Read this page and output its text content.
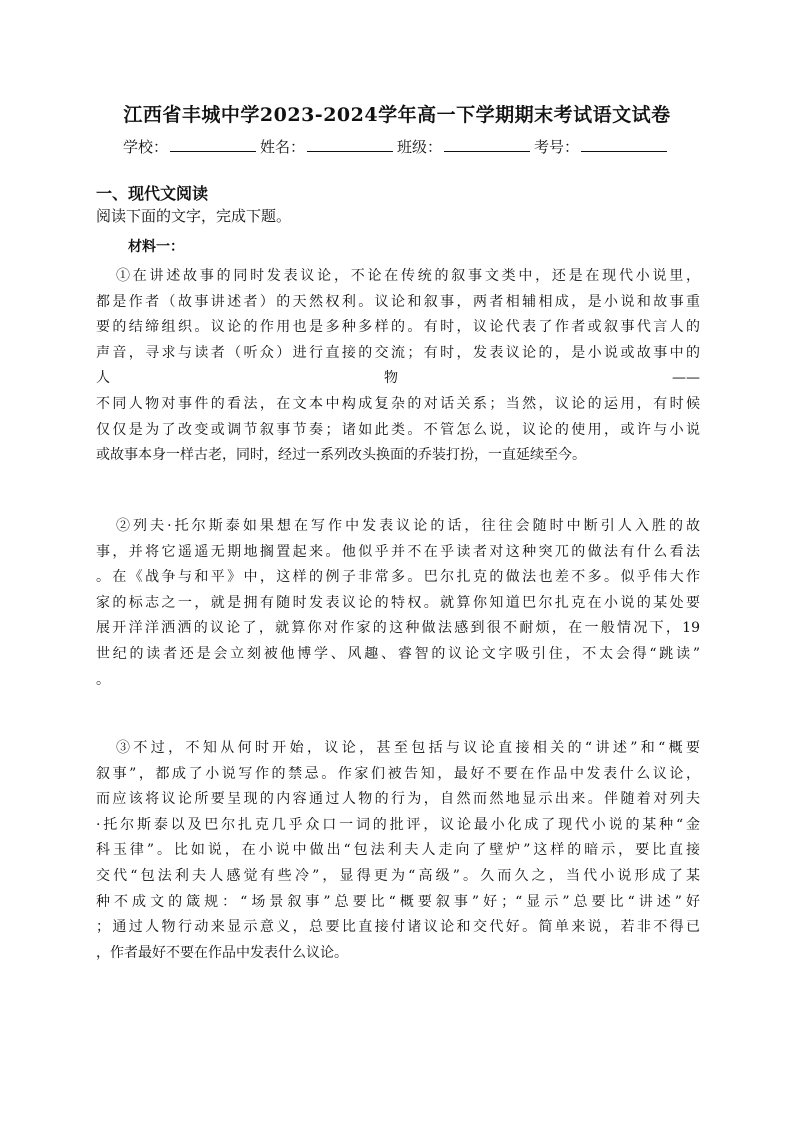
江西省丰城中学2023-2024学年高一下学期期末考试语文试卷
学校：	姓名：	班级：	考号：
一、现代文阅读
阅读下面的文字，完成下题。
材料一：
①在讲述故事的同时发表议论，不论在传统的叙事文类中，还是在现代小说里，
都是作者（故事讲述者）的天然权利。议论和叙事，两者相辅相成，是小说和故事重
要的结缔组织。议论的作用也是多种多样的。有时，议论代表了作者或叙事代言人的
声音，寻求与读者（听众）进行直接的交流；有时，发表议论的，是小说或故事中的
人	物	——
不同人物对事件的看法，在文本中构成复杂的对话关系；当然，议论的运用，有时候
仅仅是为了改变或调节叙事节奏；诸如此类。不管怎么说，议论的使用，或许与小说
或故事本身一样古老，同时，经过一系列改头换面的乔装打扮，一直延续至今。
②列夫·托尔斯泰如果想在写作中发表议论的话，往往会随时中断引人入胜的故
事，并将它遥遥无期地搁置起来。他似乎并不在乎读者对这种突兀的做法有什么看法
。在《战争与和平》中，这样的例子非常多。巴尔扎克的做法也差不多。似乎伟大作
家的标志之一，就是拥有随时发表议论的特权。就算你知道巴尔扎克在小说的某处要
展开洋洋洒洒的议论了，就算你对作家的这种做法感到很不耐烦，在一般情况下，19
世纪的读者还是会立刻被他博学、风趣、睿智的议论文字吸引住，不太会得“跳读”
。
③不过，不知从何时开始，议论，甚至包括与议论直接相关的“讲述”和“概要
叙事”，都成了小说写作的禁忌。作家们被告知，最好不要在作品中发表什么议论，
而应该将议论所要呈现的内容通过人物的行为，自然而然地显示出来。伴随着对列夫
·托尔斯泰以及巴尔扎克几乎众口一词的批评，议论最小化成了现代小说的某种“金
科玉律”。比如说，在小说中做出“包法利夫人走向了壁炉”这样的暗示，要比直接
交代“包法利夫人感觉有些冷”，显得更为“高级”。久而久之，当代小说形成了某
种不成文的箴规：“场景叙事”总要比“概要叙事”好；“显示”总要比“讲述”好
；通过人物行动来显示意义，总要比直接付诸议论和交代好。简单来说，若非不得已
，作者最好不要在作品中发表什么议论。
